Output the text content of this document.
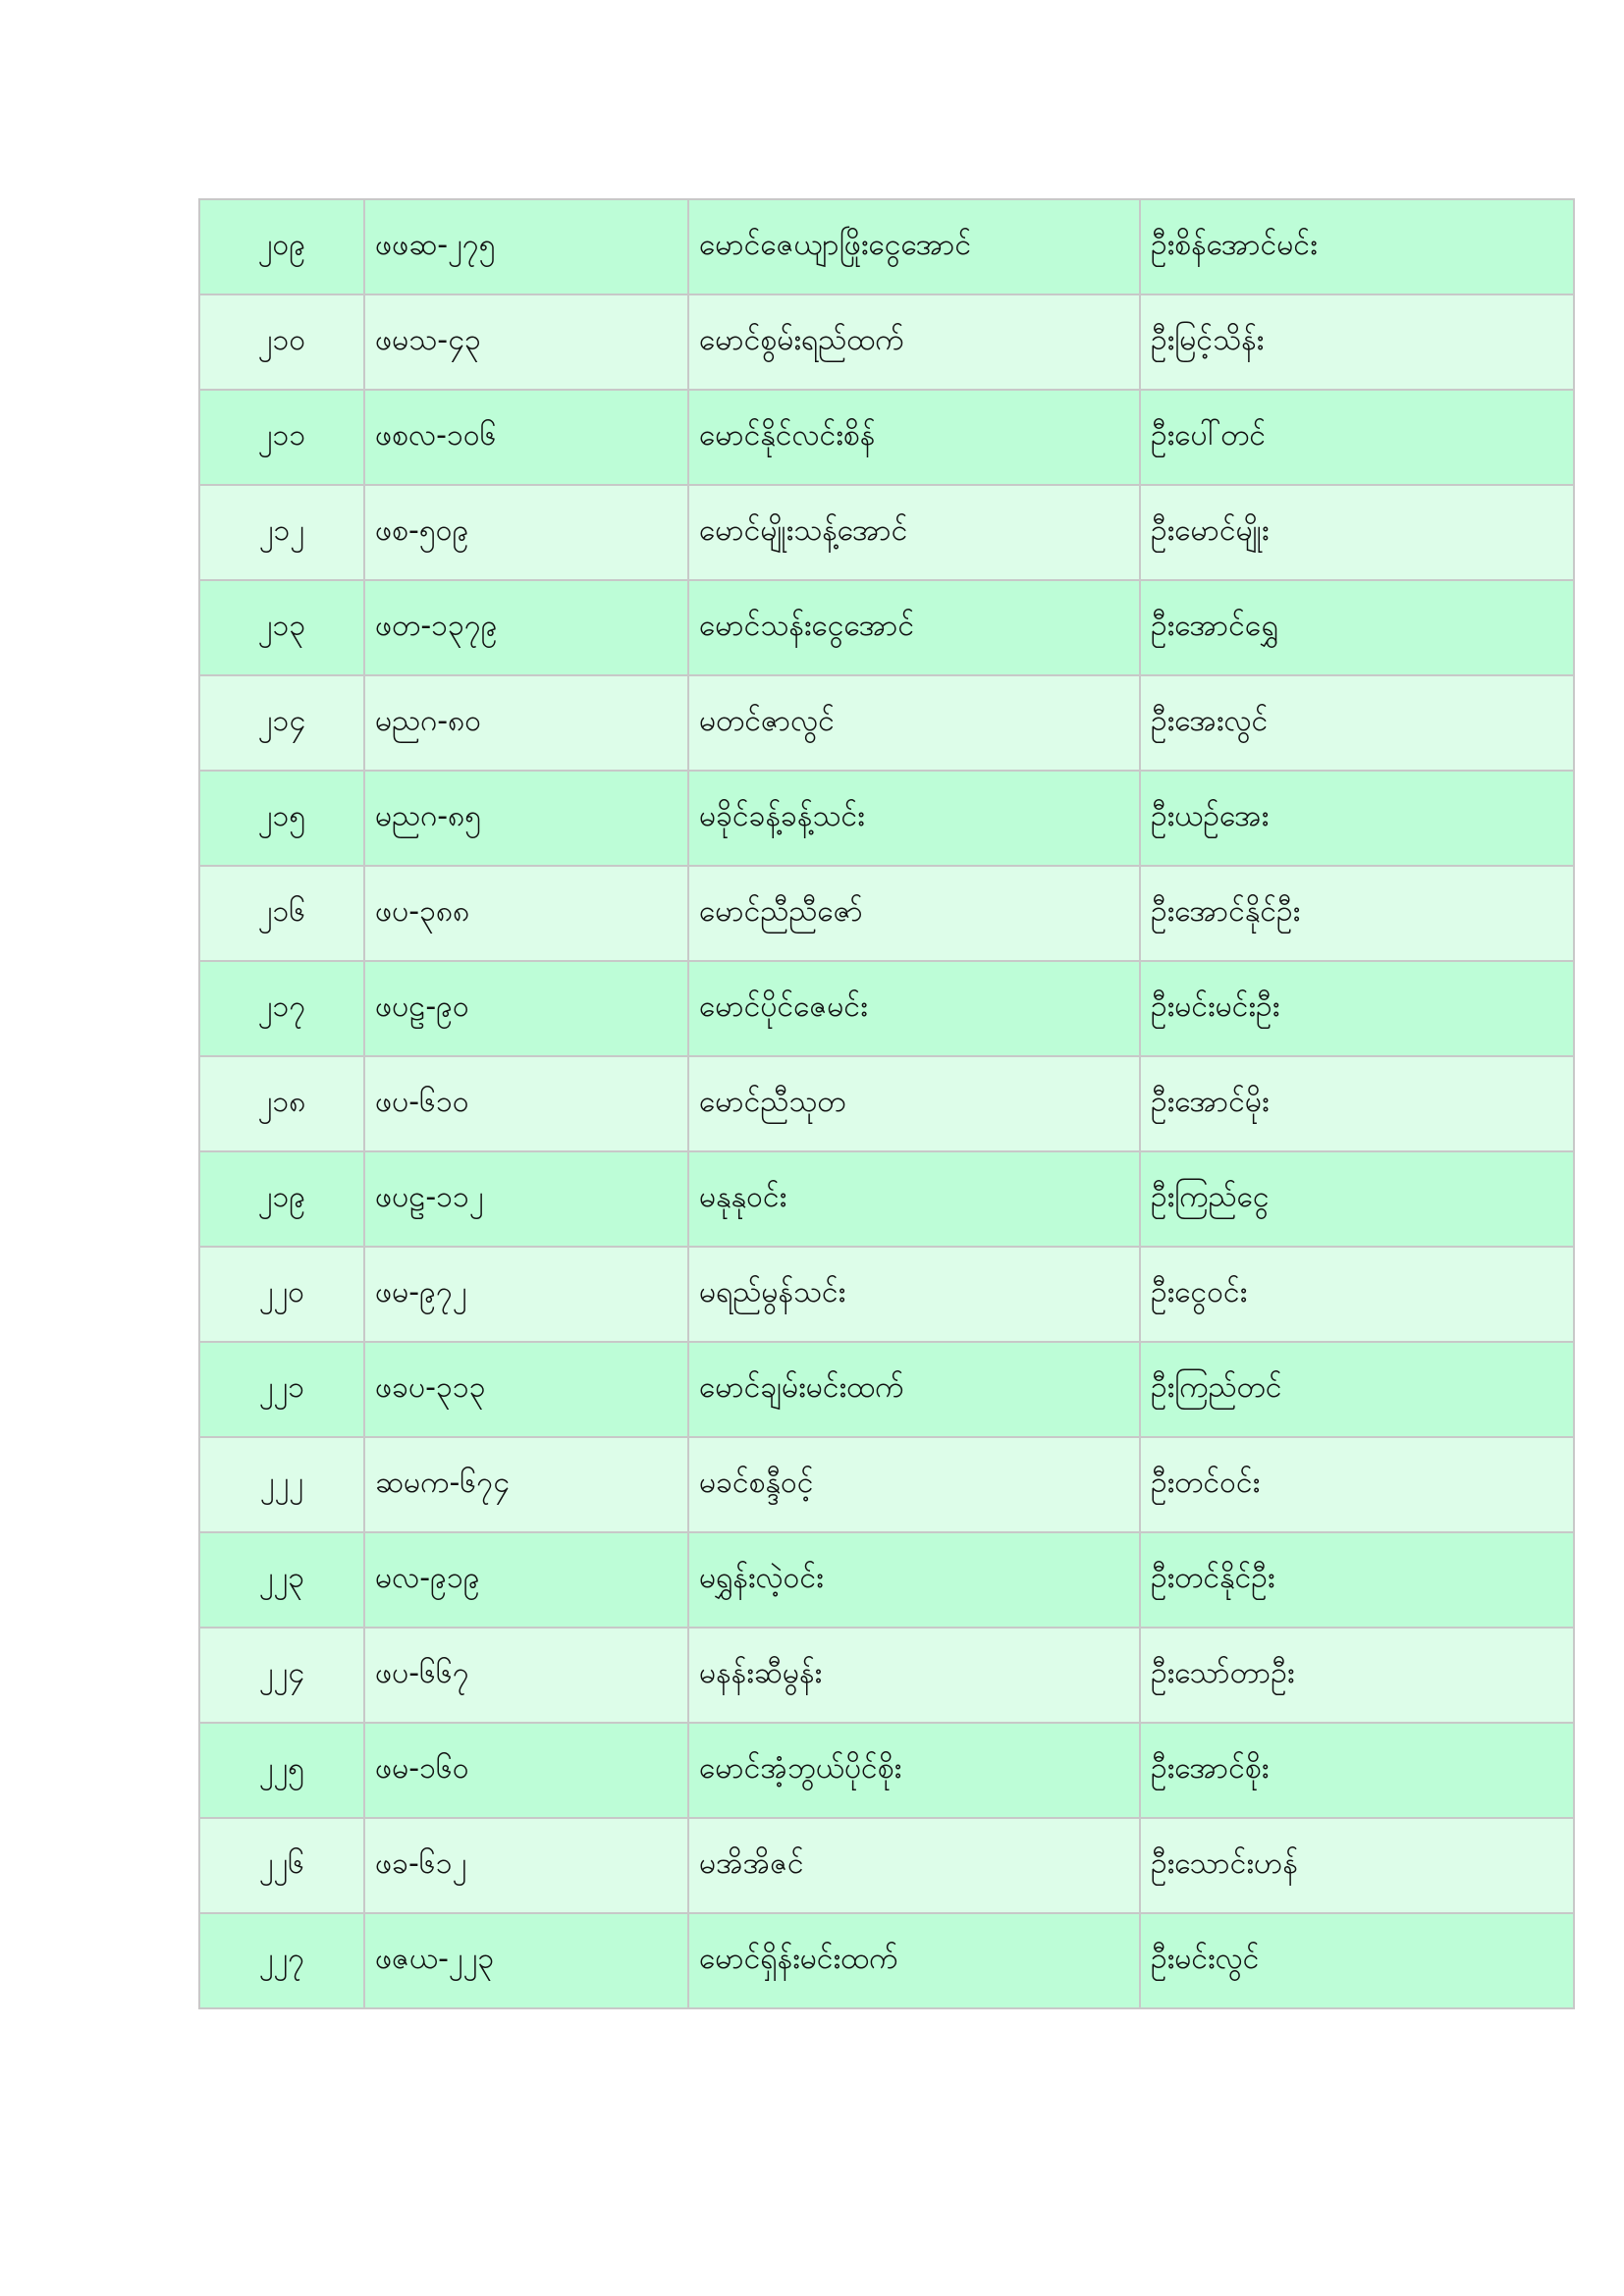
၂၀၉	ဖဖဆ-၂၇၅	မောင်ဇေယျာဖြိုးငွေအောင်	ဦးစိန်အောင်မင်း
၂၁၀	ဖမသ-၄၃	မောင်စွမ်းရည်ထက်	ဦးမြင့်သိန်း
၂၁၁	ဖစလ-၁၀၆	မောင်နိုင်လင်းစိန်	ဦးပေါ်တင်
၂၁၂	ဖစ-၅၀၉	မောင်မျိုးသန့်အောင်	ဦးမောင်မျိုး
၂၁၃	ဖတ-၁၃၇၉	မောင်သန်းငွေအောင်	ဦးအောင်ရွှေ
၂၁၄	မညဂ-၈၀	မတင်ဇာလွင်	ဦးအေးလွင်
၂၁၅	မညဂ-၈၅	မခိုင်ခန့်ခန့်သင်း	ဦးယဉ်အေး
၂၁၆	ဖပ-၃၈၈	မောင်ညီညီဇော်	ဦးအောင်နိုင်ဦး
၂၁၇	ဖပဠ-၉၀	မောင်ပိုင်ဇေမင်း	ဦးမင်းမင်းဦး
၂၁၈	ဖပ-၆၁၀	မောင်ညီသုတ	ဦးအောင်မိုး
၂၁၉	ဖပဠ-၁၁၂	မနုနုဝင်း	ဦးကြည်ငွေ
၂၂၀	ဖမ-၉၇၂	မရည်မွန်သင်း	ဦးငွေဝင်း
၂၂၁	ဖခပ-၃၁၃	မောင်ချမ်းမင်းထက်	ဦးကြည်တင်
၂၂၂	ဆမက-၆၇၄	မခင်စန္ဒီဝင့်	ဦးတင်ဝင်း
၂၂၃	မလ-၉၁၉	မရွှန်းလဲ့ဝင်း	ဦးတင်နိုင်ဦး
၂၂၄	ဖပ-၆၆၇	မနန်းဆီမွန်း	ဦးသော်တာဦး
၂၂၅	ဖမ-၁၆၀	မောင်အံ့ဘွယ်ပိုင်စိုး	ဦးအောင်စိုး
၂၂၆	ဖခ-၆၁၂	မအိအိဇင်	ဦးသောင်းဟန်
၂၂၇	ဖဇယ-၂၂၃	မောင်ရှိန်းမင်းထက်	ဦးမင်းလွင်
